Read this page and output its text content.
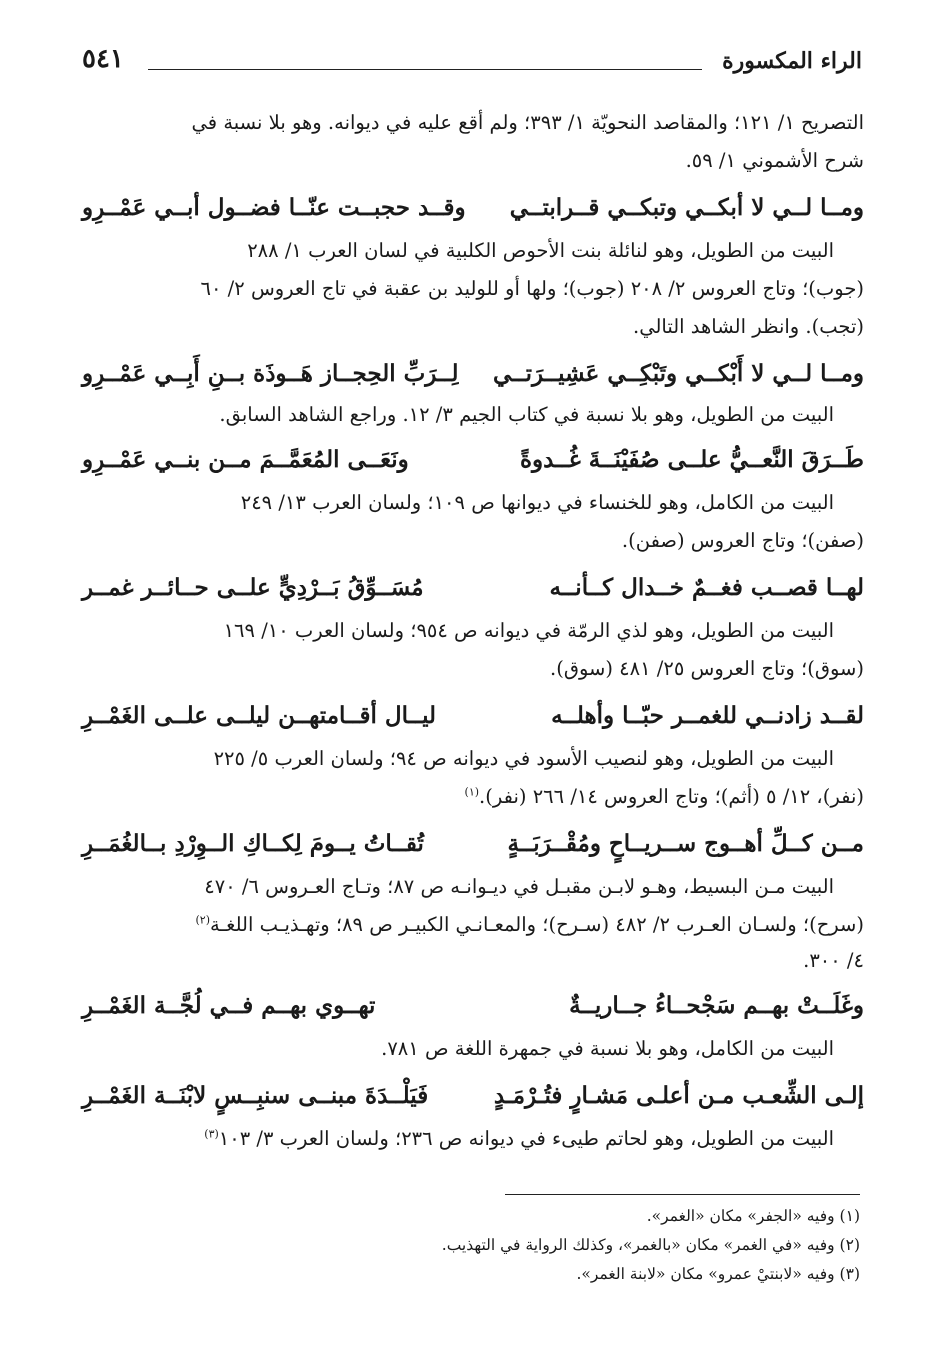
الراء المكسورة
٥٤١

التصريح ١/ ١٢١؛ والمقاصد النحويّة ١/ ٣٩٣؛ ولم أقع عليه في ديوانه. وهو بلا نسبة في

شرح الأشموني ١/ ٥٩.

ومــا لــي لا أبكــي وتبكــي قــرابتــي
وقــد حجبــت عنّــا فضــول أبــي عَمْــرِو

البيت من الطويل، وهو لنائلة بنت الأحوص الكلبية في لسان العرب ١/ ٢٨٨

(جوب)؛ وتاج العروس ٢/ ٢٠٨ (جوب)؛ ولها أو للوليد بن عقبة في تاج العروس ٢/ ٦٠

(تجب). وانظر الشاهد التالي.

ومــا لــي لا أَبْكــي وتَبْكِــي عَشِيــرَتــي
لِــرَبِّ الحِجــاز هَــوذَة بــنِ أَبِــي عَمْــرِو

البيت من الطويل، وهو بلا نسبة في كتاب الجيم ٣/ ١٢. وراجع الشاهد السابق.

طَــرَقَ النَّعــيُّ علــى صُفَيْنَــةَ غُــدوةً
ونَعَــى المُعَمَّــمَ مــن بنــي عَمْــرِو

البيت من الكامل، وهو للخنساء في ديوانها ص ١٠٩؛ ولسان العرب ١٣/ ٢٤٩

(صفن)؛ وتاج العروس (صفن).

لهــا قصــب فغــمٌ خــدال كــأنــه
مُسَــوِّقُ بَــرْدِيٍّ علــى حــائــر غمــر

البيت من الطويل، وهو لذي الرمّة في ديوانه ص ٩٥٤؛ ولسان العرب ١٠/ ١٦٩

(سوق)؛ وتاج العروس ٢٥/ ٤٨١ (سوق).

لقــد زادنــي للغمــر حبّــا وأهلــه
ليــال أقــامتهــن ليلــى علــى الغَمْــرِ

البيت من الطويل، وهو لنصيب الأسود في ديوانه ص ٩٤؛ ولسان العرب ٥/ ٢٢٥

(نفر)، ١٢/ ٥ (أثم)؛ وتاج العروس ١٤/ ٢٦٦ (نفر).$^{(١)}$

مــن كــلِّ أهــوج ســريــاحٍ ومُقْــرَبَــةٍ
تُقــاتُ يــومَ لِكــاكِ الــوِرْدِ بــالغُمَــرِ

البيت مـن البسيط، وهـو لابـن مقبـل في ديـوانـه ص ٨٧؛ وتـاج العـروس ٦/ ٤٧٠

(سرح)؛ ولسـان العـرب ٢/ ٤٨٢ (سـرح)؛ والمعـانـي الكبيـر ص ٨٩؛ وتهـذيـب اللغـة$^{(٢)}$

٤/ ٣٠٠.

وغَلَــتْ بهــم سَجْحــاءُ جــاريــةٌ
تهــوي بهــم فــي لُجَّــة الغَمْــرِ

البيت من الكامل، وهو بلا نسبة في جمهرة اللغة ص ٧٨١.

إلـى الشِّعـب مـن أعلـى مَشـارٍ فتُـرْمَـدٍ
فَيَلْــدَةَ مبنــى سنبِــسٍ لابْنَــة الغَمْــرِ

البيت من الطويل، وهو لحاتم طيىء في ديوانه ص ٢٣٦؛ ولسان العرب ٣/ ١٠٣$^{(٣)}$

(١) وفيه «الجفر» مكان «الغمر».

(٢) وفيه «في الغمر» مكان «بالغمر»، وكذلك الرواية في التهذيب.

(٣) وفيه «لابنتيْ عمرو» مكان «لابنة الغمر».
